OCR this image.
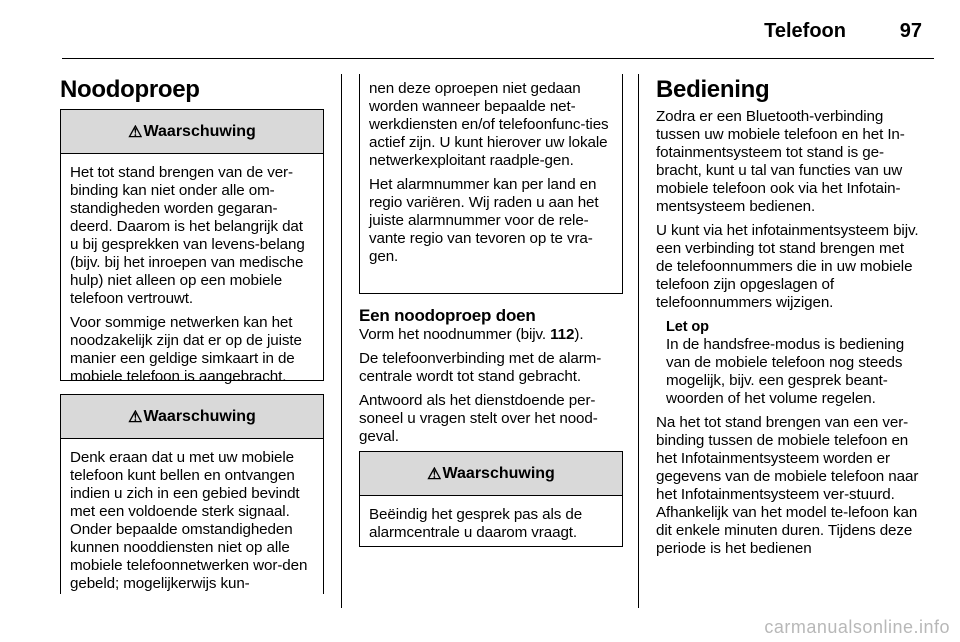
Telefoon	97
Noodoproep
⚠ Waarschuwing

Het tot stand brengen van de ver-binding kan niet onder alle om-standigheden worden gegaran-deerd. Daarom is het belangrijk dat u bij gesprekken van levens-belang (bijv. bij het inroepen van medische hulp) niet alleen op een mobiele telefoon vertrouwt.

Voor sommige netwerken kan het noodzakelijk zijn dat er op de juiste manier een geldige simkaart in de mobiele telefoon is aangebracht.

⚠ Waarschuwing

Denk eraan dat u met uw mobiele telefoon kunt bellen en ontvangen indien u zich in een gebied bevindt met een voldoende sterk signaal. Onder bepaalde omstandigheden kunnen nooddiensten niet op alle mobiele telefoonnetwerken wor-den gebeld; mogelijkerwijs kun-

nen deze oproepen niet gedaan worden wanneer bepaalde net-werkdiensten en/of telefoonfunc-ties actief zijn. U kunt hierover uw lokale netwerkexploitant raadple-gen.

Het alarmnummer kan per land en regio variëren. Wij raden u aan het juiste alarmnummer voor de rele-vante regio van tevoren op te vra-gen.

Een noodoproep doen

Vorm het noodnummer (bijv. 112).

De telefoonverbinding met de alarm-centrale wordt tot stand gebracht.

Antwoord als het dienstdoende per-soneel u vragen stelt over het nood-geval.

⚠ Waarschuwing

Beëindig het gesprek pas als de alarmcentrale u daarom vraagt.

Bediening

Zodra er een Bluetooth-verbinding tussen uw mobiele telefoon en het In-fotainmentsysteem tot stand is ge-bracht, kunt u tal van functies van uw mobiele telefoon ook via het Infotain-mentsysteem bedienen.

U kunt via het infotainmentsysteem bijv. een verbinding tot stand brengen met de telefoonnummers die in uw mobiele telefoon zijn opgeslagen of telefoonnummers wijzigen.

Let op

In de handsfree-modus is bediening van de mobiele telefoon nog steeds mogelijk, bijv. een gesprek beant-woorden of het volume regelen.

Na het tot stand brengen van een ver-binding tussen de mobiele telefoon en het Infotainmentsysteem worden er gegevens van de mobiele telefoon naar het Infotainmentsysteem ver-stuurd. Afhankelijk van het model te-lefoon kan dit enkele minuten duren. Tijdens deze periode is het bedienen

carmanualsonline.info
